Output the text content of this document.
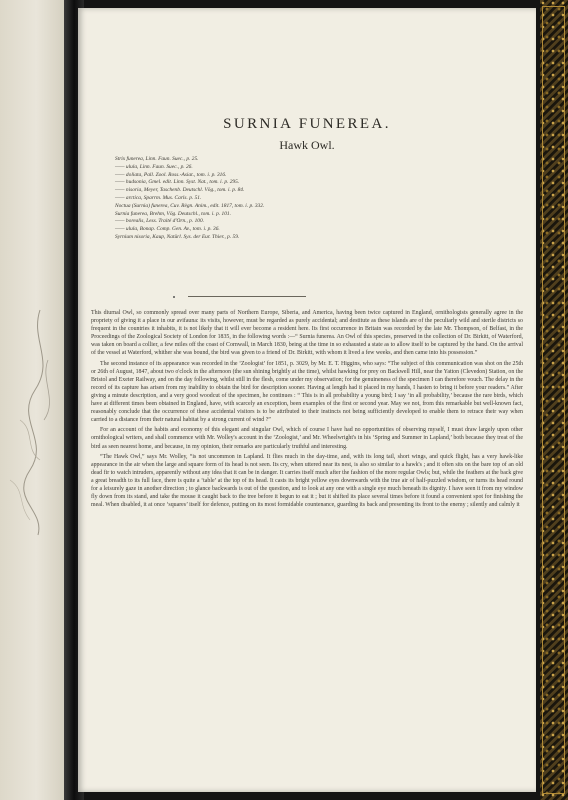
SURNIA FUNEREA.
Hawk Owl.
Strix funerea, Linn. Faun. Suec., p. 25.
—— ulula, Linn. Faun. Suec., p. 26.
—— doliata, Pall. Zool. Ross.-Asiat., tom. i. p. 316.
—— hudsonia, Gmel. edit. Linn. Syst. Nat., tom. i. p. 295.
—— nisoria, Meyer, Taschenb. Deutschl. Vög., tom. i. p. 84.
—— arctica, Sparrm. Mus. Carls. p. 51.
Noctua (Surnia) funerea, Cuv. Règn. Anim., edit. 1817, tom. i. p. 332.
Surnia funerea, Brehm, Vög. Deutschl., tom. i. p. 101.
—— borealis, Less. Traité d'Orn., p. 100.
—— ulula, Bonap. Comp. Gen. Av., tom. i. p. 36.
Syrnium nisoria, Kaup, Natürl. Sys. der Eur. Thier., p. 59.

This diurnal Owl, so commonly spread over many parts of Northern Europe, Siberia, and America, having been twice captured in England, ornithologists generally agree in the propriety of giving it a place in our avifauna: its visits, however, must be regarded as purely accidental; and destitute as these islands are of the peculiarly wild and sterile districts so frequent in the countries it inhabits, it is not likely that it will ever become a resident here. Its first occurrence in Britain was recorded by the late Mr. Thompson, of Belfast, in the Proceedings of the Zoological Society of London for 1835, in the following words :—“ Surnia funerea. An Owl of this species, preserved in the collection of Dr. Birkitt, of Waterford, was taken on board a collier, a few miles off the coast of Cornwall, in March 1830, being at the time in so exhausted a state as to allow itself to be captured by the hand. On the arrival of the vessel at Waterford, whither she was bound, the bird was given to a friend of Dr. Birkitt, with whom it lived a few weeks, and then came into his possession.”

The second instance of its appearance was recorded in the ‘Zoologist’ for 1851, p. 3029, by Mr. E. T. Higgins, who says: “The subject of this communication was shot on the 25th or 26th of August, 1847, about two o'clock in the afternoon (the sun shining brightly at the time), whilst hawking for prey on Backwell Hill, near the Yatton (Clevedon) Station, on the Bristol and Exeter Railway, and on the day following, whilst still in the flesh, come under my observation; for the genuineness of the specimen I can therefore vouch. The delay in the record of its capture has arisen from my inability to obtain the bird for description sooner. Having at length had it placed in my hands, I hasten to bring it before your readers.” After giving a minute description, and a very good woodcut of the specimen, he continues : “ This is in all probability a young bird; I say ‘in all probability,’ because the rare birds, which have at different times been obtained in England, have, with scarcely an exception, been examples of the first or second year. May we not, from this remarkable but well-known fact, reasonably conclude that the occurrence of these accidental visitors is to be attributed to their instincts not being sufficiently developed to enable them to retrace their way when carried to a distance from their natural habitat by a strong current of wind ?”

For an account of the habits and economy of this elegant and singular Owl, which of course I have had no opportunities of observing myself, I must draw largely upon other ornithological writers, and shall commence with Mr. Wolley's account in the ‘Zoologist,’ and Mr. Wheelwright's in his ‘Spring and Summer in Lapland,’ both because they treat of the bird as seen nearest home, and because, in my opinion, their remarks are particularly truthful and interesting.

“The Hawk Owl,” says Mr. Wolley, “is not uncommon in Lapland. It flies much in the day-time, and, with its long tail, short wings, and quick flight, has a very hawk-like appearance in the air when the large and square form of its head is not seen. Its cry, when uttered near its nest, is also so similar to a hawk's ; and it often sits on the bare top of an old dead fir to watch intruders, apparently without any idea that it can be in danger. It carries itself much after the fashion of the more regular Owls; but, while the feathers at the back give a great breadth to its full face, there is quite a ‘table’ at the top of its head. It casts its bright yellow eyes downwards with the true air of half-puzzled wisdom, or turns its head round for a leisurely gaze in another direction ; to glance backwards is out of the question, and to look at any one with a single eye much beneath its dignity. I have seen it from my window fly down from its stand, and take the mouse it caught back to the tree before it begun to eat it ; but it shifted its place several times before it found a convenient spot for finishing the meal. When disabled, it at once ‘squares’ itself for defence, putting on its most formidable countenance, guarding its back and presenting its front to the enemy ; silently and calmly it
